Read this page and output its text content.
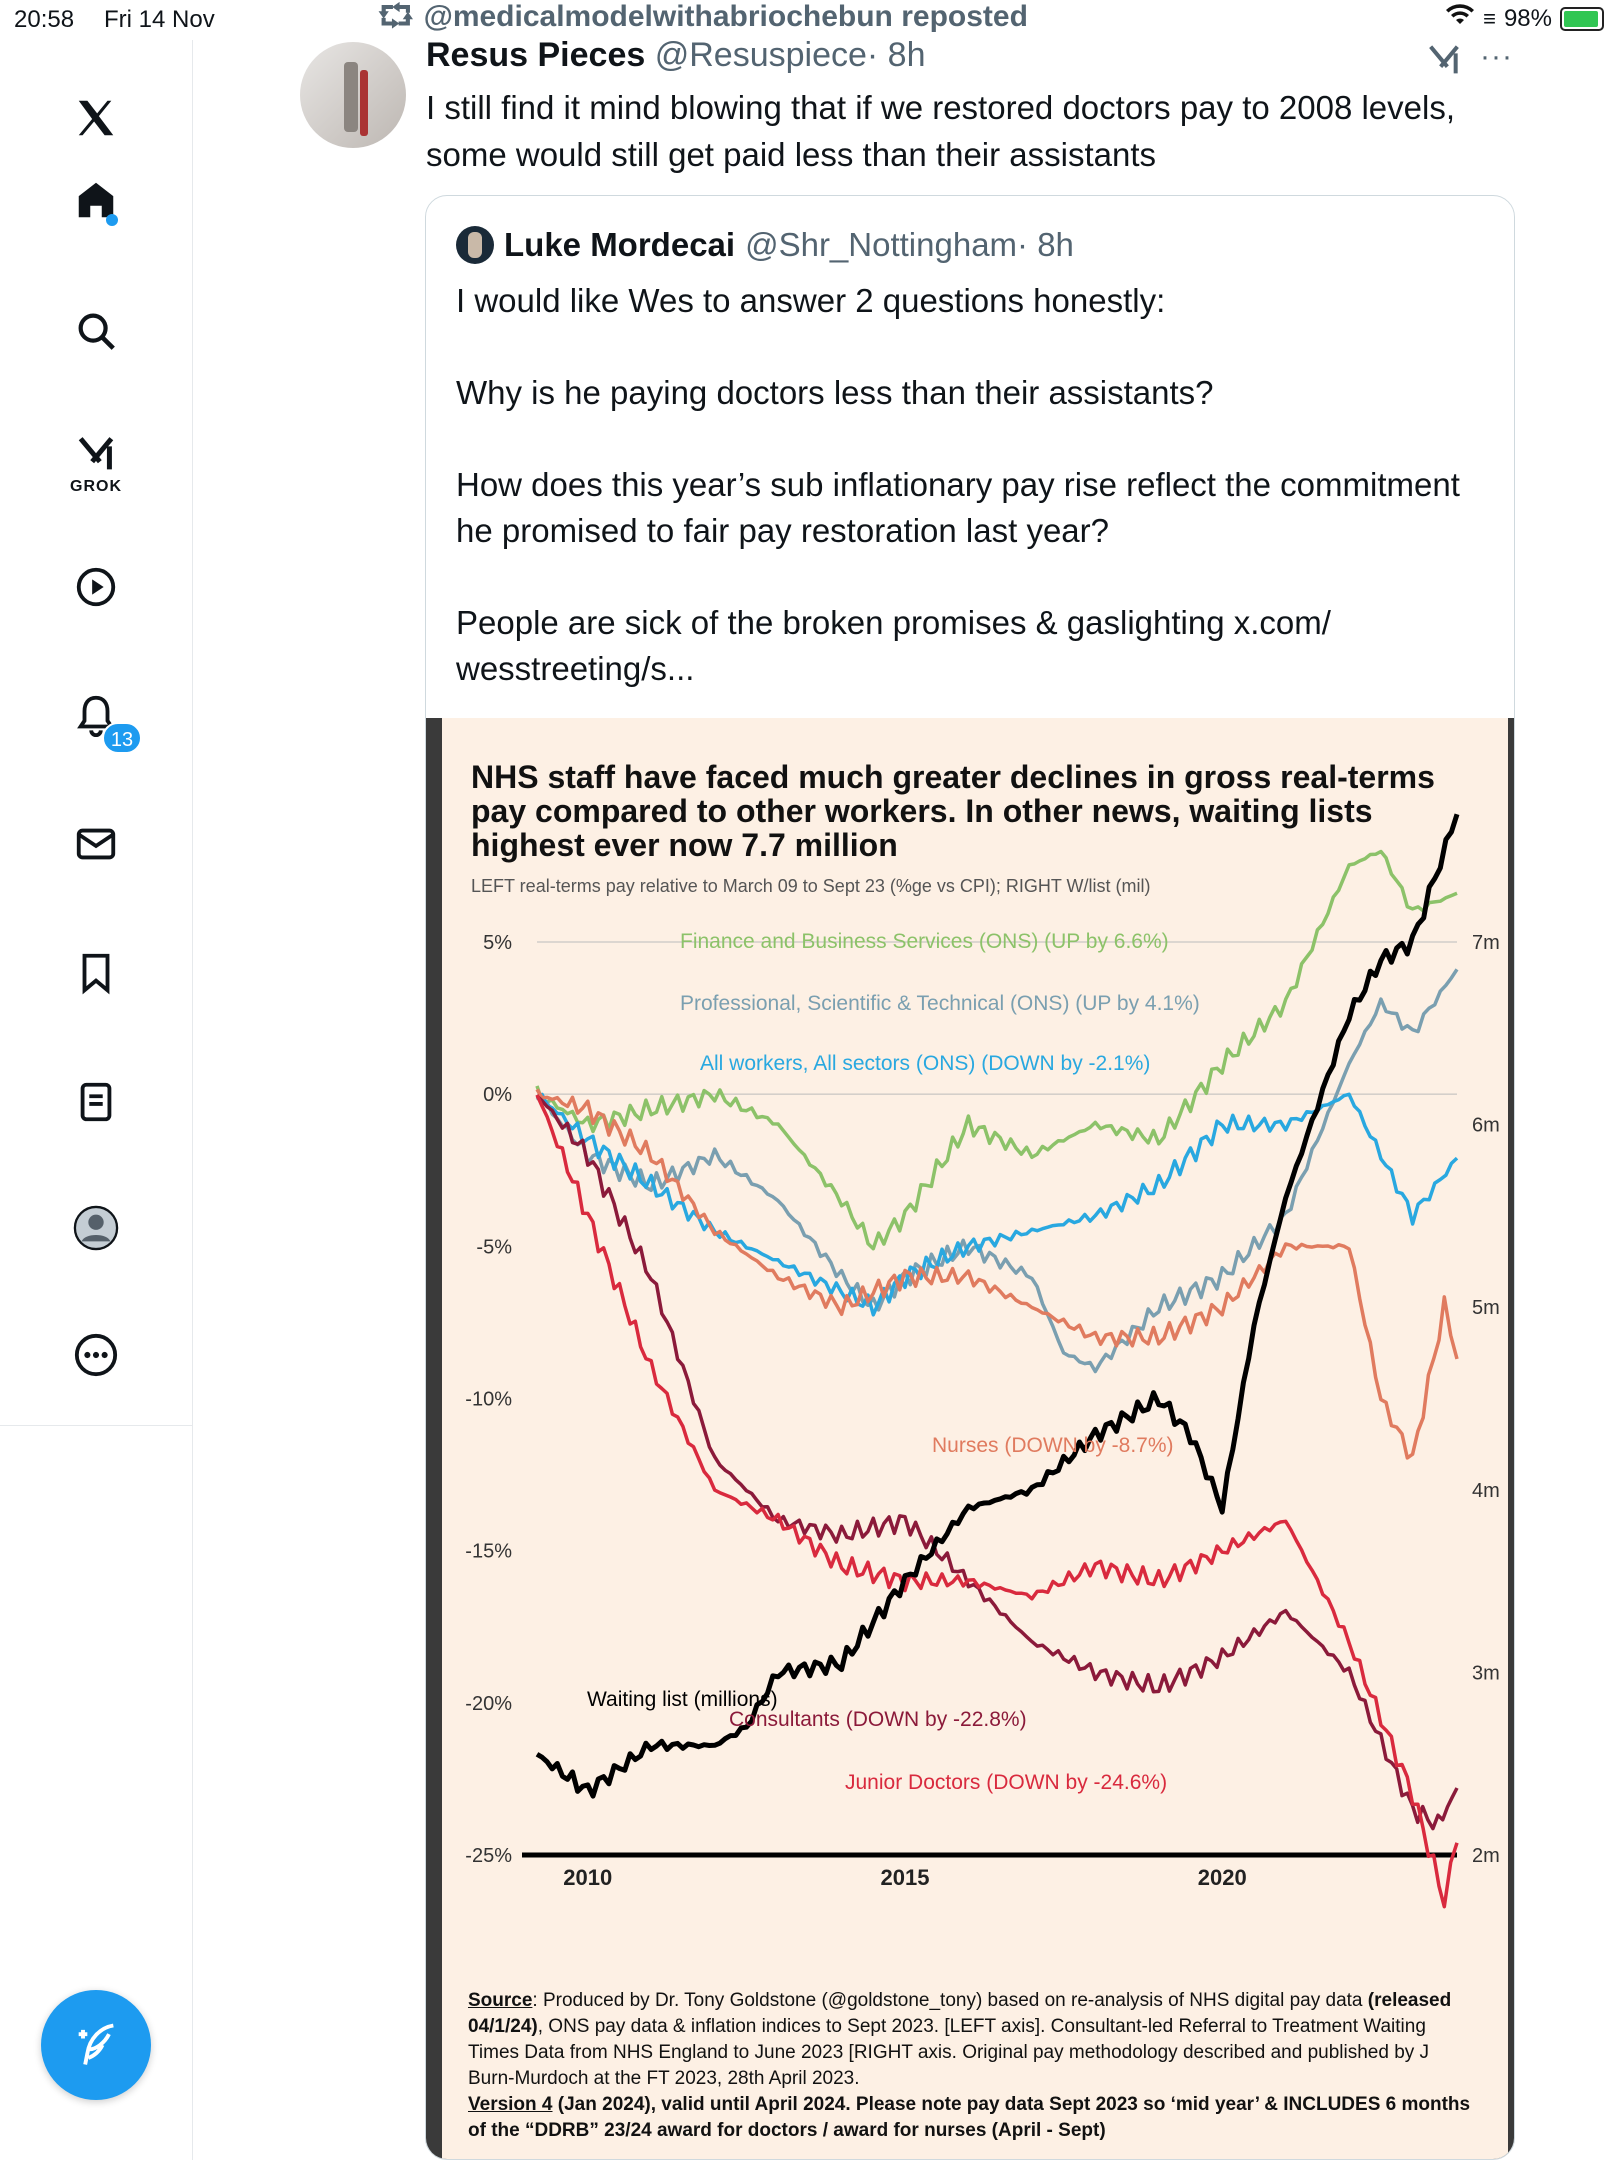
20:58 Fri 14 Nov	≡ 98%
GROK
13
⮔ @medicalmodelwithabriochebun reposted
Resus Pieces @Resuspiece· 8h	···
I still find it mind blowing that if we restored doctors pay to 2008 levels, some would still get paid less than their assistants
Luke Mordecai @Shr_Nottingham· 8h
I would like Wes to answer 2 questions honestly:

Why is he paying doctors less than their assistants?

How does this year’s sub inflationary pay rise reflect the commitment he promised to fair pay restoration last year?

People are sick of the broken promises & gaslighting x.com/
wesstreeting/s...
NHS staff have faced much greater declines in gross real-terms pay compared to other workers. In other news, waiting lists highest ever now 7.7 million
LEFT real-terms pay relative to March 09 to Sept 23 (%ge vs CPI); RIGHT W/list (mil)
5%
0%
-5%
-10%
-15%
-20%
-25%
7m
6m
5m
4m
3m
2m
2010	2015	2020
Finance and Business Services (ONS) (UP by 6.6%)
Professional, Scientific & Technical (ONS) (UP by 4.1%)
All workers, All sectors (ONS) (DOWN by -2.1%)
Nurses (DOWN by -8.7%)
Waiting list (millions)
Consultants (DOWN by -22.8%)
Junior Doctors (DOWN by -24.6%)
Source: Produced by Dr. Tony Goldstone (@goldstone_tony) based on re-analysis of NHS digital pay data (released 04/1/24), ONS pay data & inflation indices to Sept 2023. [LEFT axis]. Consultant-led Referral to Treatment Waiting Times Data from NHS England to June 2023 [RIGHT axis. Original pay methodology described and published by J Burn-Murdoch at the FT 2023, 28th April 2023.
Version 4 (Jan 2024), valid until April 2024. Please note pay data Sept 2023 so ‘mid year’ & INCLUDES 6 months of the “DDRB” 23/24 award for doctors / award for nurses (April - Sept)
